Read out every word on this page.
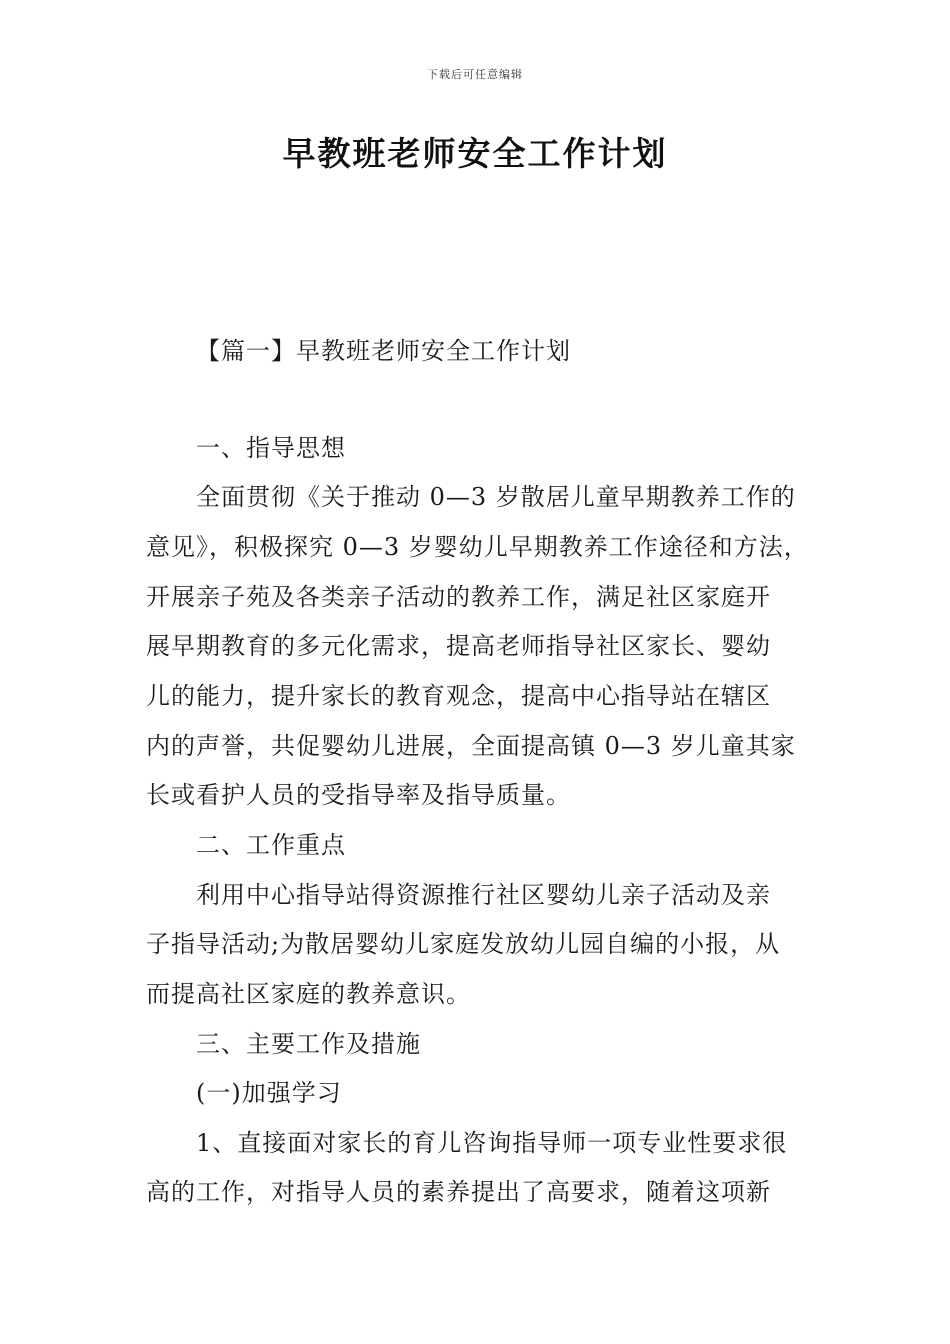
下载后可任意编辑
早教班老师安全工作计划
【篇一】早教班老师安全工作计划
一、指导思想
全面贯彻《关于推动 0—3 岁散居儿童早期教养工作的
意见》，积极探究 0—3 岁婴幼儿早期教养工作途径和方法，
开展亲子苑及各类亲子活动的教养工作，满足社区家庭开
展早期教育的多元化需求，提高老师指导社区家长、婴幼
儿的能力，提升家长的教育观念，提高中心指导站在辖区
内的声誉，共促婴幼儿进展，全面提高镇 0—3 岁儿童其家
长或看护人员的受指导率及指导质量。
二、工作重点
利用中心指导站得资源推行社区婴幼儿亲子活动及亲
子指导活动;为散居婴幼儿家庭发放幼儿园自编的小报，从
而提高社区家庭的教养意识。
三、主要工作及措施
(一)加强学习
1、直接面对家长的育儿咨询指导师一项专业性要求很
高的工作，对指导人员的素养提出了高要求，随着这项新
